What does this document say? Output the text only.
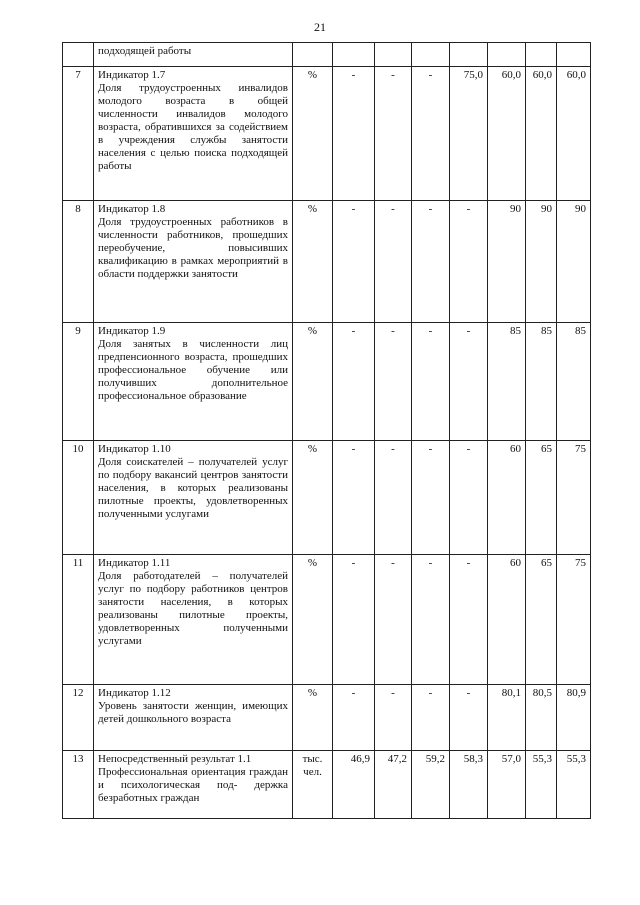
21

	подходящей работы								

7	Индикатор 1.7
Доля трудоустроенных инвалидов молодого возраста в общей численности инвалидов молодого возраста, обратившихся за содействием в учреждения службы занятости населения с целью поиска подходящей работы	%	-	-	-	75,0	60,0	60,0	60,0
8	Индикатор 1.8
Доля трудоустроенных работников в численности работников, прошедших переобучение, повысивших квалификацию в рамках мероприятий в области поддержки занятости	%	-	-	-	-	90	90	90
9	Индикатор 1.9
Доля занятых в численности лиц предпенсионного возраста, прошедших профессиональное обучение или получивших дополнительное профессиональное образование	%	-	-	-	-	85	85	85
10	Индикатор 1.10
Доля соискателей – получателей услуг по подбору вакансий центров занятости населения, в которых реализованы пилотные проекты, удовлетворенных полученными услугами	%	-	-	-	-	60	65	75
11	Индикатор 1.11
Доля работодателей – получателей услуг по подбору работников центров занятости населения, в которых реализованы пилотные проекты, удовлетворенных полученными услугами	%	-	-	-	-	60	65	75
12	Индикатор 1.12
Уровень занятости женщин, имеющих детей дошкольного возраста	%	-	-	-	-	80,1	80,5	80,9
13	Непосредственный результат 1.1
Профессиональная ориентация граждан и психологическая под- держка безработных граждан	тыс. чел.	46,9	47,2	59,2	58,3	57,0	55,3	55,3
